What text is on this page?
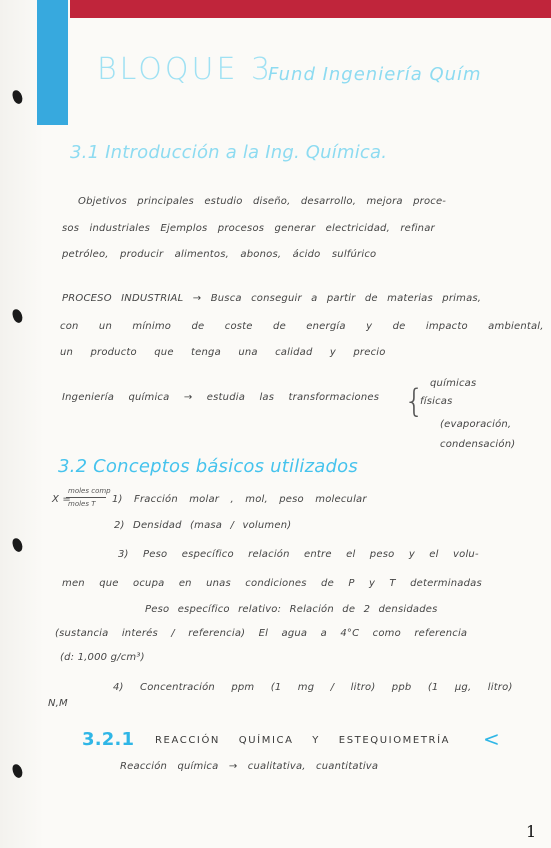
BLOQUE 3
Fund Ingeniería Quím
3.1 Introducción a la Ing. Química.
Objetivos principales estudio diseño, desarrollo, mejora proce-
sos industriales Ejemplos procesos generar electricidad, refinar
petróleo, producir alimentos, abonos, ácido sulfúrico
PROCESO INDUSTRIAL → Busca conseguir a partir de materias primas,
con un mínimo de coste de energía y de impacto ambiental,
un producto que tenga una calidad y precio
Ingeniería química → estudia las transformaciones { químicas
físicas
(evaporación,
condensación)
3.2 Conceptos básicos utilizados
X =
moles comp
moles T	1) Fracción molar , mol, peso molecular
2) Densidad (masa / volumen)
3) Peso específico relación entre el peso y el volu-
men que ocupa en unas condiciones de P y T determinadas
Peso específico relativo: Relación de 2 densidades
(sustancia interés / referencia) El agua a 4°C como referencia
(d: 1,000 g/cm³)
N,M
4) Concentración ppm (1 mg / litro) ppb (1 µg, litro)
3.2.1 REACCIÓN QUÍMICA Y ESTEQUIOMETRÍA <
Reacción química → cualitativa, cuantitativa
1
